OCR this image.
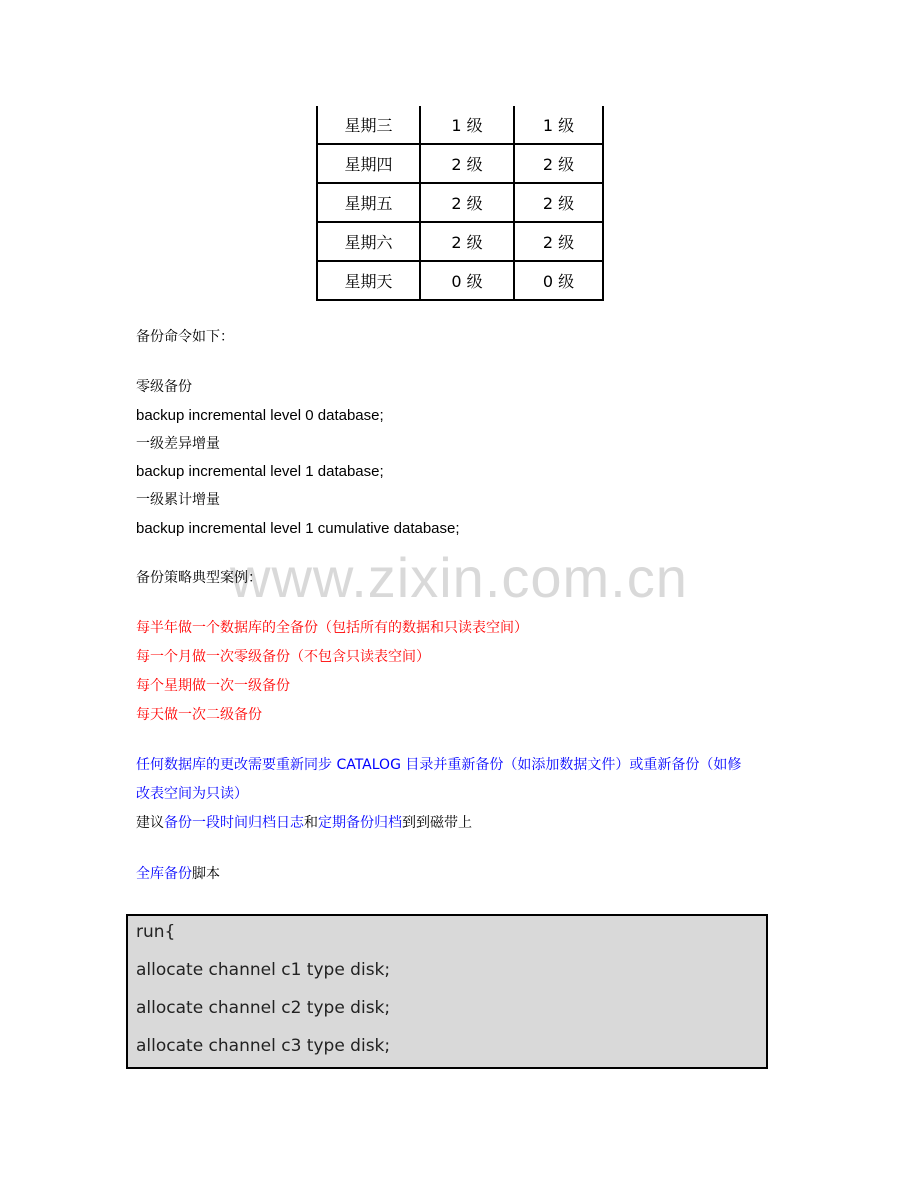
星期三	1 级	1 级
星期四	2 级	2 级
星期五	2 级	2 级
星期六	2 级	2 级
星期天	0 级	0 级
备份命令如下：
零级备份
backup incremental level 0 database;
一级差异增量
backup incremental level 1 database;
一级累计增量
backup incremental level 1 cumulative database;
www.zixin.com.cn
备份策略典型案例：
每半年做一个数据库的全备份（包括所有的数据和只读表空间）
每一个月做一次零级备份（不包含只读表空间）
每个星期做一次一级备份
每天做一次二级备份
任何数据库的更改需要重新同步 CATALOG 目录并重新备份（如添加数据文件）或重新备份（如修
改表空间为只读）
建议备份一段时间归档日志和定期备份归档到到磁带上
全库备份脚本
run{
allocate channel c1 type disk;
allocate channel c2 type disk;
allocate channel c3 type disk;
